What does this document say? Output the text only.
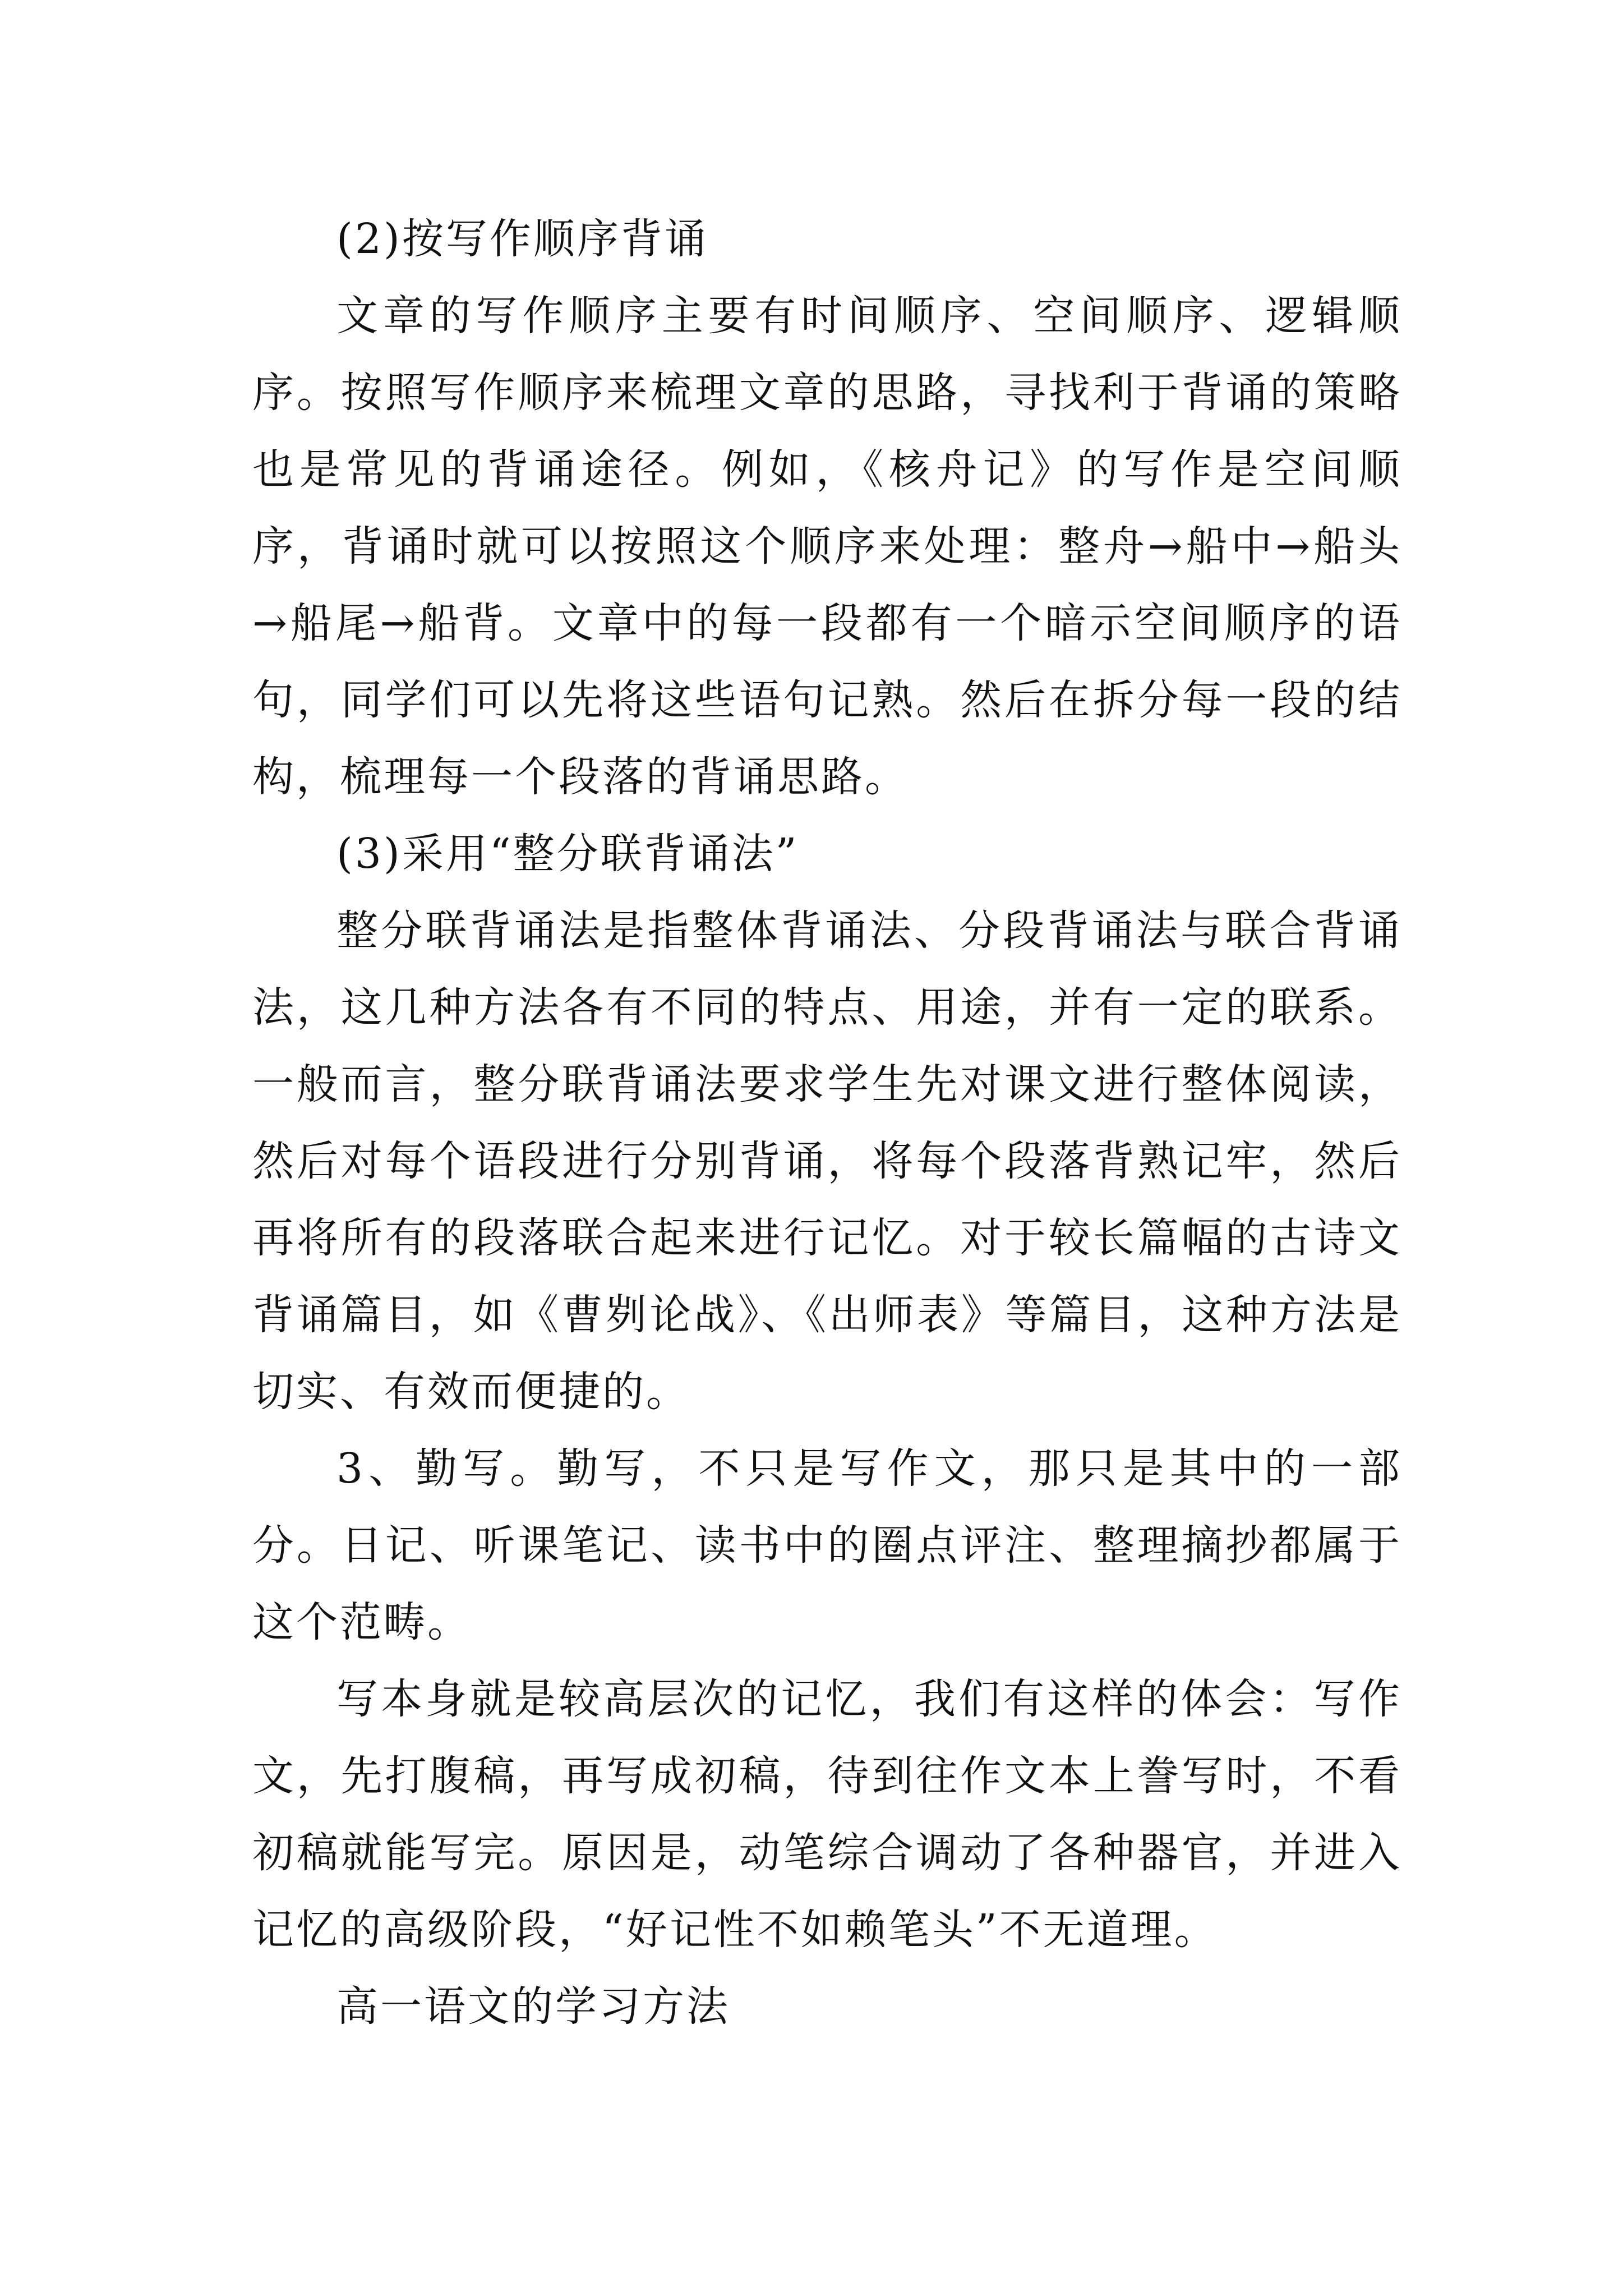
(2)按写作顺序背诵

文章的写作顺序主要有时间顺序、空间顺序、逻辑顺序。按照写作顺序来梳理文章的思路，寻找利于背诵的策略也是常见的背诵途径。例如，《核舟记》的写作是空间顺序，背诵时就可以按照这个顺序来处理：整舟→船中→船头→船尾→船背。文章中的每一段都有一个暗示空间顺序的语句，同学们可以先将这些语句记熟。然后在拆分每一段的结构，梳理每一个段落的背诵思路。

(3)采用“整分联背诵法”

整分联背诵法是指整体背诵法、分段背诵法与联合背诵法，这几种方法各有不同的特点、用途，并有一定的联系。一般而言，整分联背诵法要求学生先对课文进行整体阅读，然后对每个语段进行分别背诵，将每个段落背熟记牢，然后再将所有的段落联合起来进行记忆。对于较长篇幅的古诗文背诵篇目，如《曹刿论战》、《出师表》等篇目，这种方法是切实、有效而便捷的。

3、勤写。勤写，不只是写作文，那只是其中的一部分。日记、听课笔记、读书中的圈点评注、整理摘抄都属于这个范畴。

写本身就是较高层次的记忆，我们有这样的体会：写作文，先打腹稿，再写成初稿，待到往作文本上誊写时，不看初稿就能写完。原因是，动笔综合调动了各种器官，并进入记忆的高级阶段，“好记性不如赖笔头”不无道理。

高一语文的学习方法
